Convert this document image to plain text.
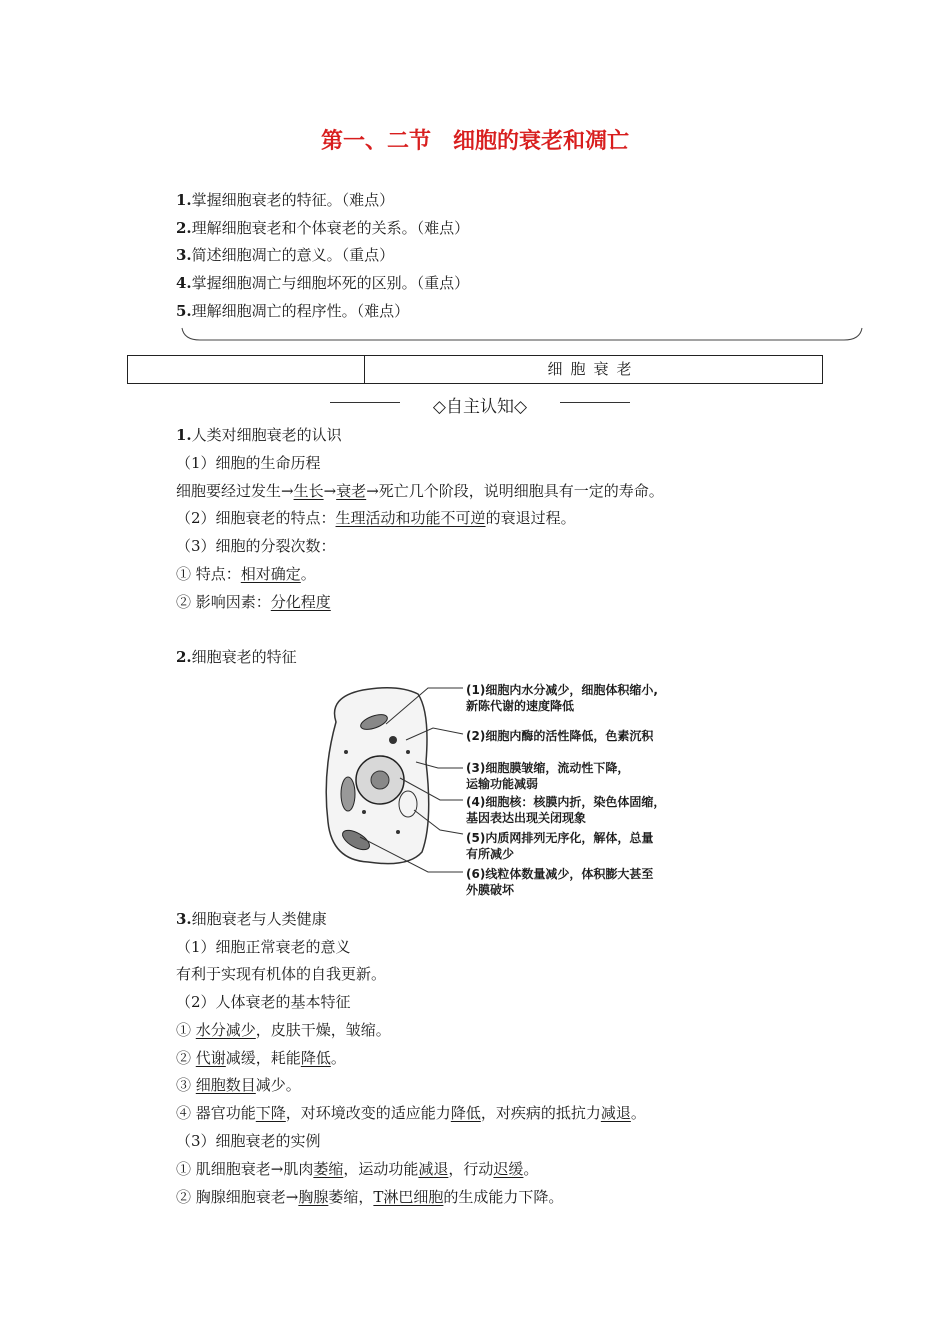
第一、二节　细胞的衰老和凋亡
1.掌握细胞衰老的特征。（难点）
2.理解细胞衰老和个体衰老的关系。（难点）
3.简述细胞凋亡的意义。（重点）
4.掌握细胞凋亡与细胞坏死的区别。（重点）
5.理解细胞凋亡的程序性。（难点）
细胞衰老
◇自主认知◇
1.人类对细胞衰老的认识
（1）细胞的生命历程
细胞要经过发生→生长→衰老→死亡几个阶段，说明细胞具有一定的寿命。
（2）细胞衰老的特点：生理活动和功能不可逆的衰退过程。
（3）细胞的分裂次数：
① 特点：相对确定。
② 影响因素：分化程度
2.细胞衰老的特征
(1)细胞内水分减少，细胞体积缩小,
新陈代谢的速度降低
(2)细胞内酶的活性降低，色素沉积
(3)细胞膜皱缩，流动性下降，
运输功能减弱
(4)细胞核：核膜内折，染色体固缩，
基因表达出现关闭现象
(5)内质网排列无序化，解体，总量
有所减少
(6)线粒体数量减少，体积膨大甚至
外膜破坏
3.细胞衰老与人类健康
（1）细胞正常衰老的意义
有利于实现有机体的自我更新。
（2）人体衰老的基本特征
① 水分减少，皮肤干燥，皱缩。
② 代谢减缓，耗能降低。
③ 细胞数目减少。
④ 器官功能下降，对环境改变的适应能力降低，对疾病的抵抗力减退。
（3）细胞衰老的实例
① 肌细胞衰老→肌肉萎缩，运动功能减退，行动迟缓。
② 胸腺细胞衰老→胸腺萎缩，T淋巴细胞的生成能力下降。
